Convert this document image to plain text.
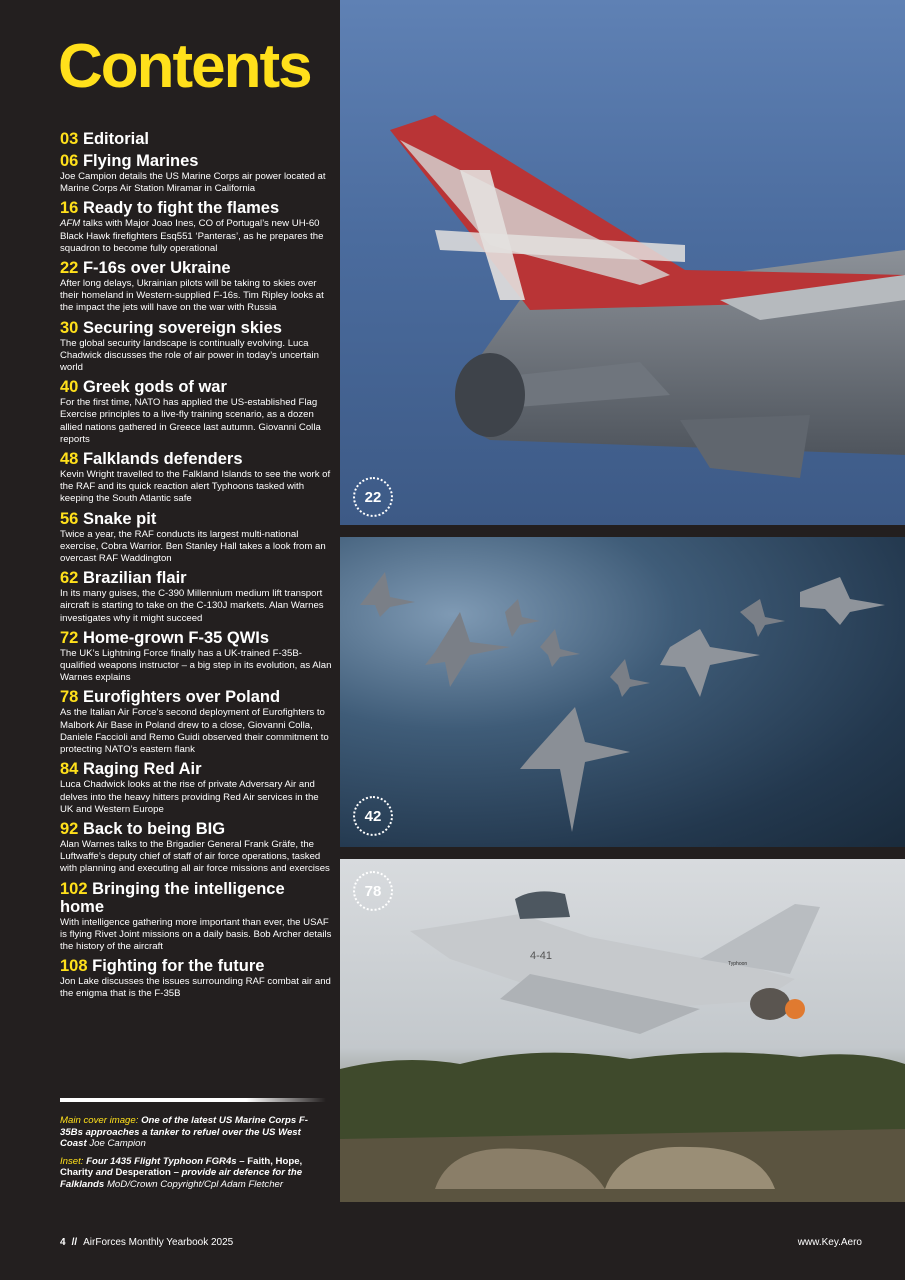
Contents
03 Editorial
06 Flying Marines
Joe Campion details the US Marine Corps air power located at Marine Corps Air Station Miramar in California
16 Ready to fight the flames
AFM talks with Major Joao Ines, CO of Portugal’s new UH-60 Black Hawk firefighters Esq551 ‘Panteras’, as he prepares the squadron to become fully operational
22 F-16s over Ukraine
After long delays, Ukrainian pilots will be taking to skies over their homeland in Western-supplied F-16s. Tim Ripley looks at the impact the jets will have on the war with Russia
30 Securing sovereign skies
The global security landscape is continually evolving. Luca Chadwick discusses the role of air power in today’s uncertain world
40 Greek gods of war
For the first time, NATO has applied the US-established Flag Exercise principles to a live-fly training scenario, as a dozen allied nations gathered in Greece last autumn. Giovanni Colla reports
48 Falklands defenders
Kevin Wright travelled to the Falkland Islands to see the work of the RAF and its quick reaction alert Typhoons tasked with keeping the South Atlantic safe
56 Snake pit
Twice a year, the RAF conducts its largest multi-national exercise, Cobra Warrior. Ben Stanley Hall takes a look from an overcast RAF Waddington
62 Brazilian flair
In its many guises, the C-390 Millennium medium lift transport aircraft is starting to take on the C-130J markets. Alan Warnes investigates why it might succeed
72 Home-grown F-35 QWIs
The UK’s Lightning Force finally has a UK-trained F-35B-qualified weapons instructor – a big step in its evolution, as Alan Warnes explains
78 Eurofighters over Poland
As the Italian Air Force’s second deployment of Eurofighters to Malbork Air Base in Poland drew to a close, Giovanni Colla, Daniele Faccioli and Remo Guidi observed their commitment to protecting NATO’s eastern flank
84 Raging Red Air
Luca Chadwick looks at the rise of private Adversary Air and delves into the heavy hitters providing Red Air services in the UK and Western Europe
92 Back to being BIG
Alan Warnes talks to the Brigadier General Frank Gräfe, the Luftwaffe’s deputy chief of staff of air force operations, tasked with planning and executing all air force missions and exercises
102 Bringing the intelligence home
With intelligence gathering more important than ever, the USAF is flying Rivet Joint missions on a daily basis. Bob Archer details the history of the aircraft
108 Fighting for the future
Jon Lake discusses the issues surrounding RAF combat air and the enigma that is the F-35B

Main cover image: One of the latest US Marine Corps F-35Bs approaches a tanker to refuel over the US West Coast Joe Campion

Inset: Four 1435 Flight Typhoon FGR4s – Faith, Hope, Charity and Desperation – provide air defence for the Falklands MoD/Crown Copyright/Cpl Adam Fletcher

4 // AirForces Monthly Yearbook 2025	www.Key.Aero
22
42
4-41
Typhoon
78
